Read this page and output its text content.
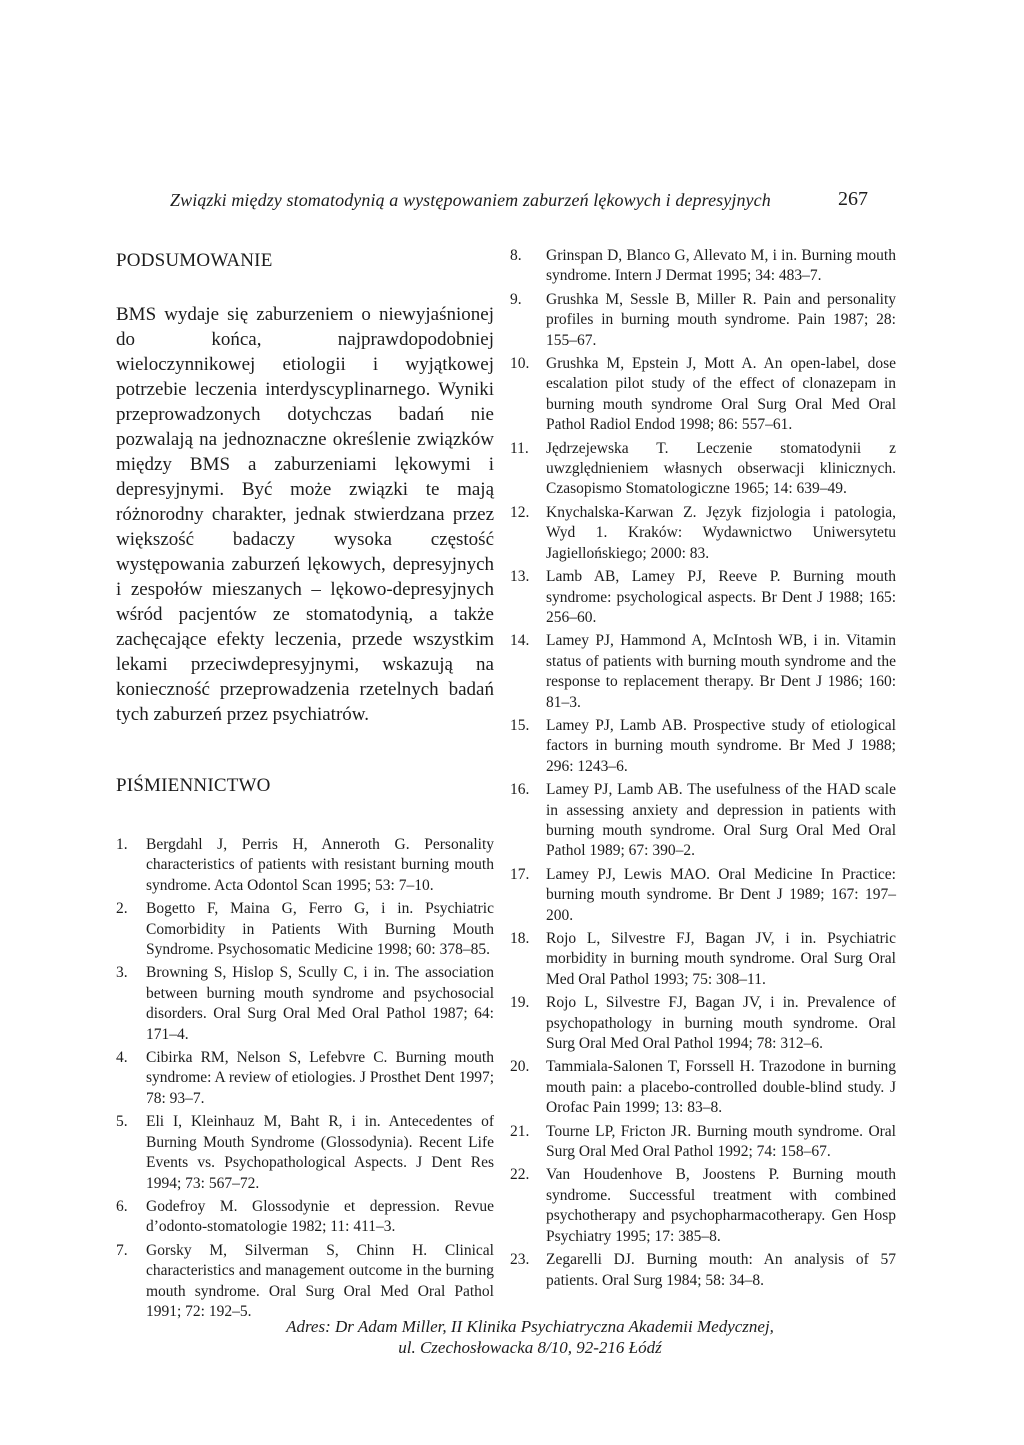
Związki między stomatodynią a występowaniem zaburzeń lękowych i depresyjnych	267
PODSUMOWANIE

BMS wydaje się zaburzeniem o niewyjaśnionej do końca, najprawdopodobniej wieloczynnikowej etiologii i wyjątkowej potrzebie leczenia interdyscyplinarnego. Wyniki przeprowadzonych dotychczas badań nie pozwalają na jednoznaczne określenie związków między BMS a zaburzeniami lękowymi i depresyjnymi. Być może związki te mają różnorodny charakter, jednak stwierdzana przez większość badaczy wysoka częstość występowania zaburzeń lękowych, depresyjnych i zespołów mieszanych – lękowo-depresyjnych wśród pacjentów ze stomatodynią, a także zachęcające efekty leczenia, przede wszystkim lekami przeciwdepresyjnymi, wskazują na konieczność przeprowadzenia rzetelnych badań tych zaburzeń przez psychiatrów.

PIŚMIENNICTWO
1. Bergdahl J, Perris H, Anneroth G. Personality characteristics of patients with resistant burning mouth syndrome. Acta Odontol Scan 1995; 53: 7–10.
2. Bogetto F, Maina G, Ferro G, i in. Psychiatric Comorbidity in Patients With Burning Mouth Syndrome. Psychosomatic Medicine 1998; 60: 378–85.
3. Browning S, Hislop S, Scully C, i in. The association between burning mouth syndrome and psychosocial disorders. Oral Surg Oral Med Oral Pathol 1987; 64: 171–4.
4. Cibirka RM, Nelson S, Lefebvre C. Burning mouth syndrome: A review of etiologies. J Prosthet Dent 1997; 78: 93–7.
5. Eli I, Kleinhauz M, Baht R, i in. Antecedentes of Burning Mouth Syndrome (Glossodynia). Recent Life Events vs. Psychopathological Aspects. J Dent Res 1994; 73: 567–72.
6. Godefroy M. Glossodynie et depression. Revue d’odonto-stomatologie 1982; 11: 411–3.
7. Gorsky M, Silverman S, Chinn H. Clinical characteristics and management outcome in the burning mouth syndrome. Oral Surg Oral Med Oral Pathol 1991; 72: 192–5.
8. Grinspan D, Blanco G, Allevato M, i in. Burning mouth syndrome. Intern J Dermat 1995; 34: 483–7.
9. Grushka M, Sessle B, Miller R. Pain and personality profiles in burning mouth syndrome. Pain 1987; 28: 155–67.
10. Grushka M, Epstein J, Mott A. An open-label, dose escalation pilot study of the effect of clonazepam in burning mouth syndrome Oral Surg Oral Med Oral Pathol Radiol Endod 1998; 86: 557–61.
11. Jędrzejewska T. Leczenie stomatodynii z uwzględnieniem własnych obserwacji klinicznych. Czasopismo Stomatologiczne 1965; 14: 639–49.
12. Knychalska-Karwan Z. Język fizjologia i patologia, Wyd 1. Kraków: Wydawnictwo Uniwersytetu Jagiellońskiego; 2000: 83.
13. Lamb AB, Lamey PJ, Reeve P. Burning mouth syndrome: psychological aspects. Br Dent J 1988; 165: 256–60.
14. Lamey PJ, Hammond A, McIntosh WB, i in. Vitamin status of patients with burning mouth syndrome and the response to replacement therapy. Br Dent J 1986; 160: 81–3.
15. Lamey PJ, Lamb AB. Prospective study of etiological factors in burning mouth syndrome. Br Med J 1988; 296: 1243–6.
16. Lamey PJ, Lamb AB. The usefulness of the HAD scale in assessing anxiety and depression in patients with burning mouth syndrome. Oral Surg Oral Med Oral Pathol 1989; 67: 390–2.
17. Lamey PJ, Lewis MAO. Oral Medicine In Practice: burning mouth syndrome. Br Dent J 1989; 167: 197–200.
18. Rojo L, Silvestre FJ, Bagan JV, i in. Psychiatric morbidity in burning mouth syndrome. Oral Surg Oral Med Oral Pathol 1993; 75: 308–11.
19. Rojo L, Silvestre FJ, Bagan JV, i in. Prevalence of psychopathology in burning mouth syndrome. Oral Surg Oral Med Oral Pathol 1994; 78: 312–6.
20. Tammiala-Salonen T, Forssell H. Trazodone in burning mouth pain: a placebo-controlled double-blind study. J Orofac Pain 1999; 13: 83–8.
21. Tourne LP, Fricton JR. Burning mouth syndrome. Oral Surg Oral Med Oral Pathol 1992; 74: 158–67.
22. Van Houdenhove B, Joostens P. Burning mouth syndrome. Successful treatment with combined psychotherapy and psychopharmacotherapy. Gen Hosp Psychiatry 1995; 17: 385–8.
23. Zegarelli DJ. Burning mouth: An analysis of 57 patients. Oral Surg 1984; 58: 34–8.
Adres: Dr Adam Miller, II Klinika Psychiatryczna Akademii Medycznej,
ul. Czechosłowacka 8/10, 92-216 Łódź
